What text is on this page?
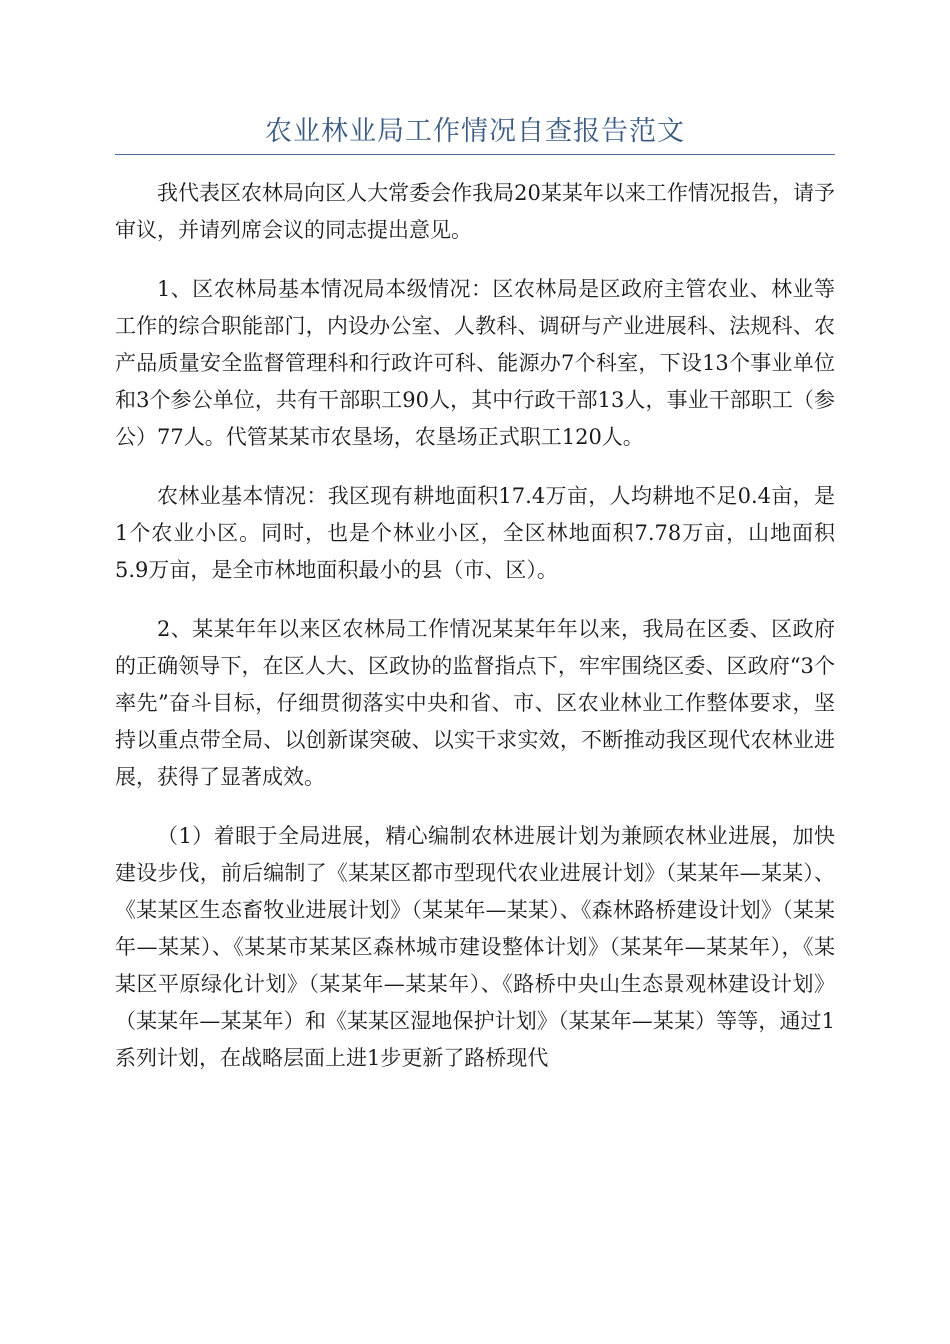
农业林业局工作情况自查报告范文

我代表区农林局向区人大常委会作我局20某某年以来工作情况报告，请予审议，并请列席会议的同志提出意见。

1、区农林局基本情况局本级情况：区农林局是区政府主管农业、林业等工作的综合职能部门，内设办公室、人教科、调研与产业进展科、法规科、农产品质量安全监督管理科和行政许可科、能源办7个科室，下设13个事业单位和3个参公单位，共有干部职工90人，其中行政干部13人，事业干部职工（参公）77人。代管某某市农垦场，农垦场正式职工120人。

农林业基本情况：我区现有耕地面积17.4万亩，人均耕地不足0.4亩，是1个农业小区。同时，也是个林业小区，全区林地面积7.78万亩，山地面积5.9万亩，是全市林地面积最小的县（市、区）。

2、某某年年以来区农林局工作情况某某年年以来，我局在区委、区政府的正确领导下，在区人大、区政协的监督指点下，牢牢围绕区委、区政府“3个率先”奋斗目标，仔细贯彻落实中央和省、市、区农业林业工作整体要求，坚持以重点带全局、以创新谋突破、以实干求实效，不断推动我区现代农林业进展，获得了显著成效。

（1）着眼于全局进展，精心编制农林进展计划为兼顾农林业进展，加快建设步伐，前后编制了《某某区都市型现代农业进展计划》（某某年—某某）、《某某区生态畜牧业进展计划》（某某年—某某）、《森林路桥建设计划》（某某年—某某）、《某某市某某区森林城市建设整体计划》（某某年—某某年），《某某区平原绿化计划》（某某年—某某年）、《路桥中央山生态景观林建设计划》（某某年—某某年）和《某某区湿地保护计划》（某某年—某某）等等，通过1系列计划，在战略层面上进1步更新了路桥现代
